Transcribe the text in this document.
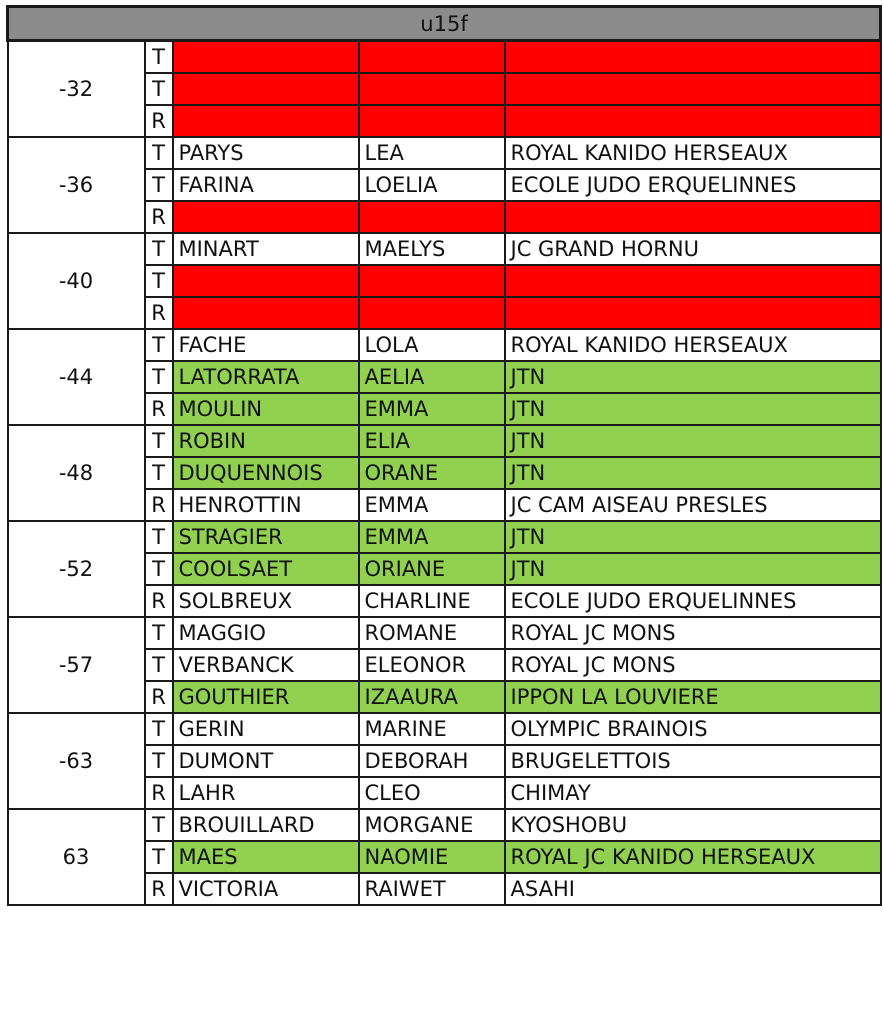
u15f				
-32	T			
	T			
	R			
-36	T	PARYS	LEA	ROYAL KANIDO HERSEAUX
	T	FARINA	LOELIA	ECOLE JUDO ERQUELINNES
	R			
-40	T	MINART	MAELYS	JC GRAND HORNU
	T			
	R			
-44	T	FACHE	LOLA	ROYAL KANIDO HERSEAUX
	T	LATORRATA	AELIA	JTN
	R	MOULIN	EMMA	JTN
-48	T	ROBIN	ELIA	JTN
	T	DUQUENNOIS	ORANE	JTN
	R	HENROTTIN	EMMA	JC CAM AISEAU PRESLES
-52	T	STRAGIER	EMMA	JTN
	T	COOLSAET	ORIANE	JTN
	R	SOLBREUX	CHARLINE	ECOLE JUDO ERQUELINNES
-57	T	MAGGIO	ROMANE	ROYAL JC MONS
	T	VERBANCK	ELEONOR	ROYAL JC MONS
	R	GOUTHIER	IZAAURA	IPPON LA LOUVIERE
-63	T	GERIN	MARINE	OLYMPIC BRAINOIS
	T	DUMONT	DEBORAH	BRUGELETTOIS
	R	LAHR	CLEO	CHIMAY
63	T	BROUILLARD	MORGANE	KYOSHOBU
	T	MAES	NAOMIE	ROYAL JC KANIDO HERSEAUX
	R	VICTORIA	RAIWET	ASAHI
